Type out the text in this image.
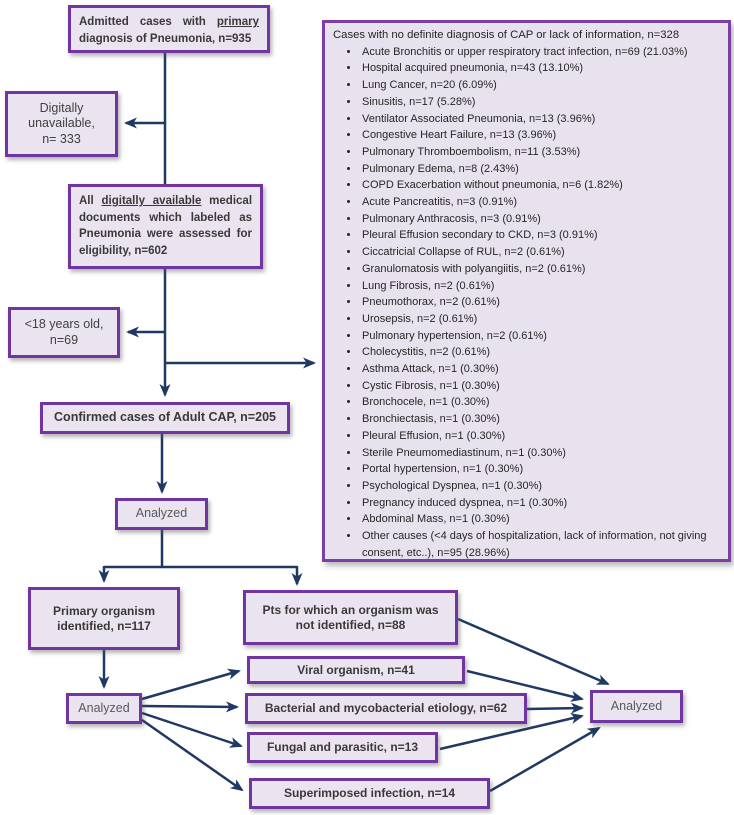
Admitted cases with primary diagnosis of Pneumonia, n=935
Digitally
unavailable,
n= 333
All digitally available medical documents which labeled as Pneumonia were assessed for eligibility, n=602
<18 years old,
n=69
Confirmed cases of Adult CAP, n=205
Analyzed
Primary organism identified, n=117
Pts for which an organism was not identified, n=88
Analyzed
Viral organism, n=41
Bacterial and mycobacterial etiology, n=62
Fungal and parasitic, n=13
Superimposed infection, n=14
Analyzed
Cases with no definite diagnosis of CAP or lack of information, n=328
• Acute Bronchitis or upper respiratory tract infection, n=69 (21.03%)
• Hospital acquired pneumonia, n=43 (13.10%)
• Lung Cancer, n=20 (6.09%)
• Sinusitis, n=17 (5.28%)
• Ventilator Associated Pneumonia, n=13 (3.96%)
• Congestive Heart Failure, n=13 (3.96%)
• Pulmonary Thromboembolism, n=11 (3.53%)
• Pulmonary Edema, n=8 (2.43%)
• COPD Exacerbation without pneumonia, n=6 (1.82%)
• Acute Pancreatitis, n=3 (0.91%)
• Pulmonary Anthracosis, n=3 (0.91%)
• Pleural Effusion secondary to CKD, n=3 (0.91%)
• Ciccatricial Collapse of RUL, n=2 (0.61%)
• Granulomatosis with polyangiitis, n=2 (0.61%)
• Lung Fibrosis, n=2 (0.61%)
• Pneumothorax, n=2 (0.61%)
• Urosepsis, n=2 (0.61%)
• Pulmonary hypertension, n=2 (0.61%)
• Cholecystitis, n=2 (0.61%)
• Asthma Attack, n=1 (0.30%)
• Cystic Fibrosis, n=1 (0.30%)
• Bronchocele, n=1 (0.30%)
• Bronchiectasis, n=1 (0.30%)
• Pleural Effusion, n=1 (0.30%)
• Sterile Pneumomediastinum, n=1 (0.30%)
• Portal hypertension, n=1 (0.30%)
• Psychological Dyspnea, n=1 (0.30%)
• Pregnancy induced dyspnea, n=1 (0.30%)
• Abdominal Mass, n=1 (0.30%)
• Other causes (<4 days of hospitalization, lack of information, not giving consent, etc..), n=95 (28.96%)
